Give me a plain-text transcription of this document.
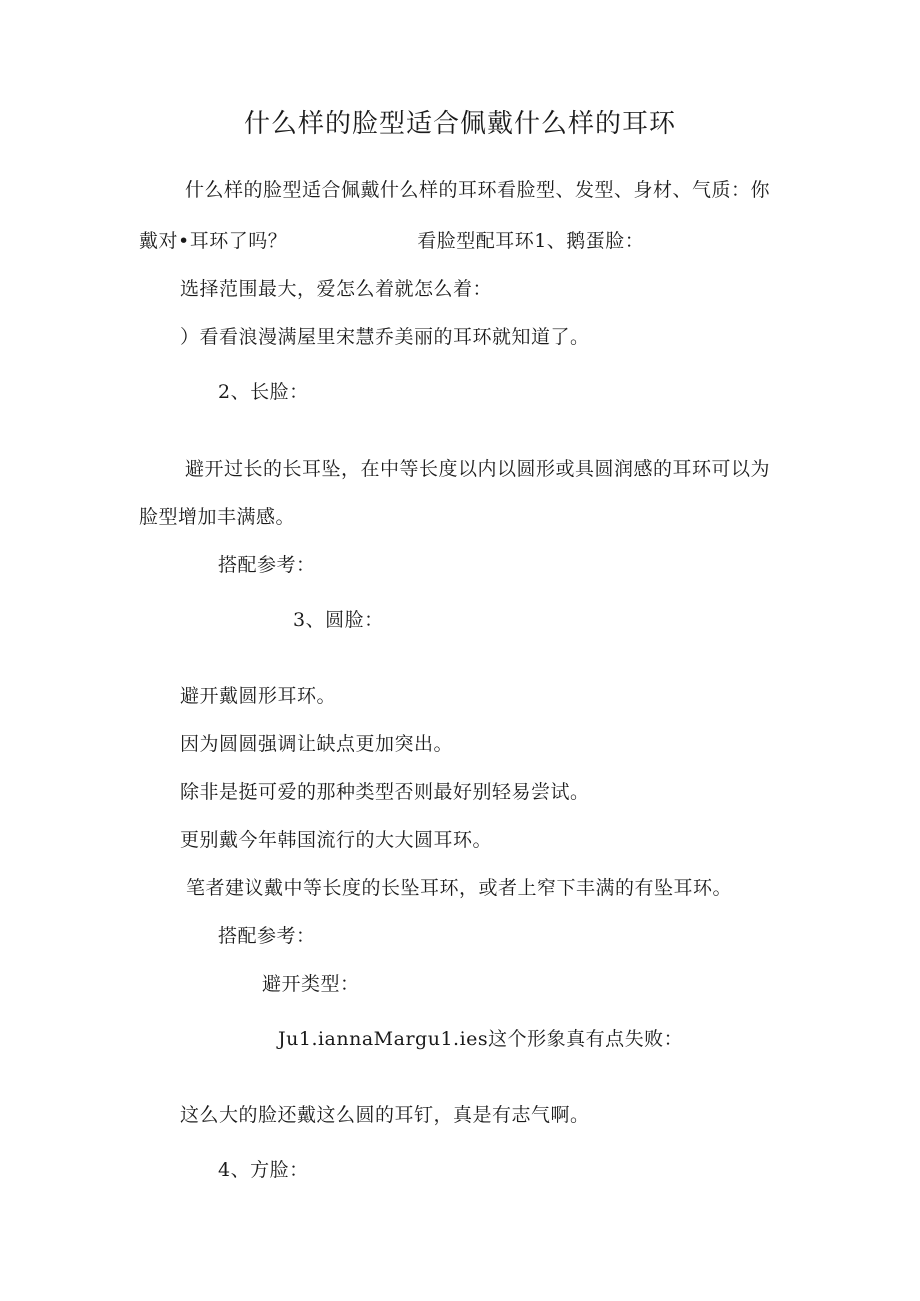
什么样的脸型适合佩戴什么样的耳环
什么样的脸型适合佩戴什么样的耳环看脸型、发型、身材、气质：你
戴对•耳环了吗？	看脸型配耳环1、鹅蛋脸：
选择范围最大，爱怎么着就怎么着：
）看看浪漫满屋里宋慧乔美丽的耳环就知道了。
2、长脸：
避开过长的长耳坠，在中等长度以内以圆形或具圆润感的耳环可以为
脸型增加丰满感。
搭配参考：
3、圆脸：
避开戴圆形耳环。
因为圆圆强调让缺点更加突出。
除非是挺可爱的那种类型否则最好别轻易尝试。
更别戴今年韩国流行的大大圆耳环。
笔者建议戴中等长度的长坠耳环，或者上窄下丰满的有坠耳环。
搭配参考：
避开类型：
Ju1.iannaMargu1.ies这个形象真有点失败：
这么大的脸还戴这么圆的耳钉，真是有志气啊。
4、方脸：
